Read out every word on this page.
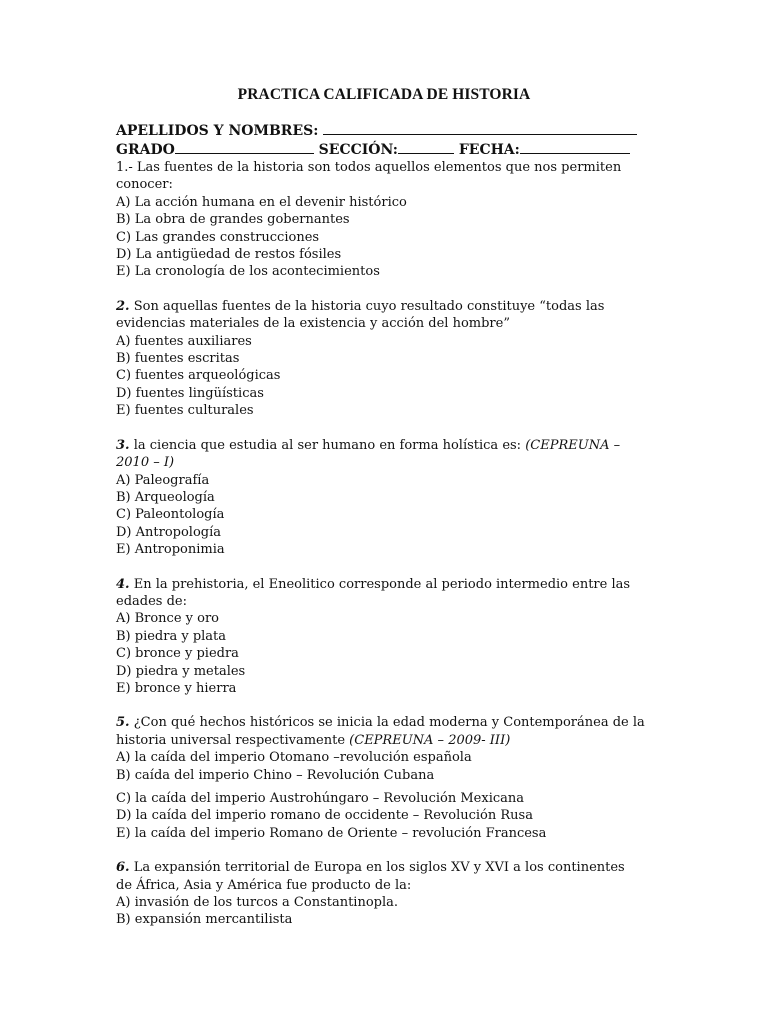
PRACTICA CALIFICADA DE HISTORIA
APELLIDOS Y NOMBRES:
GRADO	SECCIÓN:	FECHA:
1.- Las fuentes de la historia son todos aquellos elementos que nos permiten
conocer:
A) La acción humana en el devenir histórico
B) La obra de grandes gobernantes
C) Las grandes construcciones
D) La antigüedad de restos fósiles
E) La cronología de los acontecimientos
2. Son aquellas fuentes de la historia cuyo resultado constituye “todas las
evidencias materiales de la existencia y acción del hombre”
A) fuentes auxiliares
B) fuentes escritas
C) fuentes arqueológicas
D) fuentes lingüísticas
E) fuentes culturales
3. la ciencia que estudia al ser humano en forma holística es: (CEPREUNA –
2010 – I)
A) Paleografía
B) Arqueología
C) Paleontología
D) Antropología
E) Antroponimia
4. En la prehistoria, el Eneolitico corresponde al periodo intermedio entre las
edades de:
A) Bronce y oro
B) piedra y plata
C) bronce y piedra
D) piedra y metales
E) bronce y hierra
5. ¿Con qué hechos históricos se inicia la edad moderna y Contemporánea de la
historia universal respectivamente (CEPREUNA – 2009- III)
A) la caída del imperio Otomano –revolución española
B) caída del imperio Chino – Revolución Cubana
C) la caída del imperio Austrohúngaro – Revolución Mexicana
D) la caída del imperio romano de occidente – Revolución Rusa
E) la caída del imperio Romano de Oriente – revolución Francesa
6. La expansión territorial de Europa en los siglos XV y XVI a los continentes
de África, Asia y América fue producto de la:
A) invasión de los turcos a Constantinopla.
B) expansión mercantilista
